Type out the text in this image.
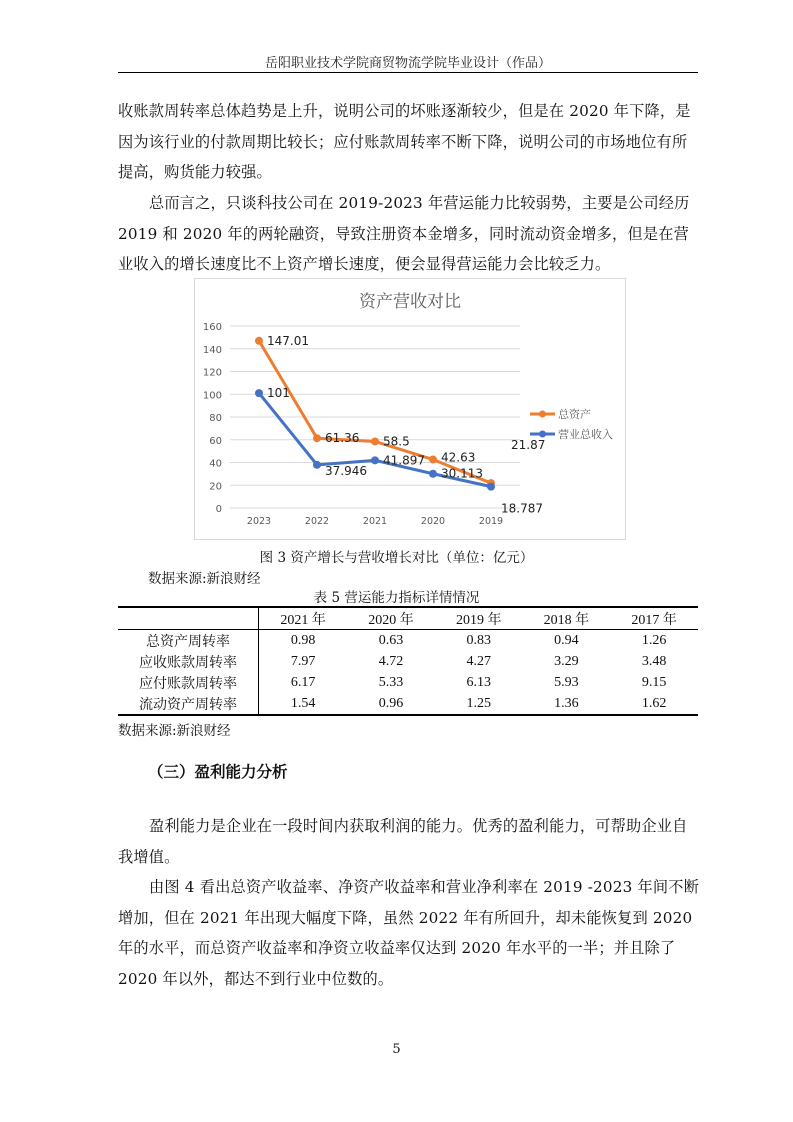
岳阳职业技术学院商贸物流学院毕业设计（作品）

收账款周转率总体趋势是上升，说明公司的坏账逐渐较少，但是在 2020 年下降，是因为该行业的付款周期比较长；应付账款周转率不断下降，说明公司的市场地位有所提高，购货能力较强。

总而言之，只谈科技公司在 2019-2023 年营运能力比较弱势，主要是公司经历 2019 和 2020 年的两轮融资，导致注册资本金增多，同时流动资金增多，但是在营业收入的增长速度比不上资产增长速度，便会显得营运能力会比较乏力。

资产营收对比
0
20
40
60
80
100
120
140
160
2023	2022	2021	2020	2019
147.01
61.36 58.5
42.63
21.87
101
37.946
41.897
30.113
18.787
总资产
营业总收入
图 3 资产增长与营收增长对比（单位：亿元）
数据来源:新浪财经
表 5 营运能力指标详情情况
	2021 年	2020 年	2019 年	2018 年	2017 年
总资产周转率	0.98	0.63	0.83	0.94	1.26
应收账款周转率	7.97	4.72	4.27	3.29	3.48
应付账款周转率	6.17	5.33	6.13	5.93	9.15
流动资产周转率	1.54	0.96	1.25	1.36	1.62
数据来源:新浪财经
（三）盈利能力分析

盈利能力是企业在一段时间内获取利润的能力。优秀的盈利能力，可帮助企业自我增值。

由图 4 看出总资产收益率、净资产收益率和营业净利率在 2019 -2023 年间不断增加，但在 2021 年出现大幅度下降，虽然 2022 年有所回升，却未能恢复到 2020 年的水平，而总资产收益率和净资立收益率仅达到 2020 年水平的一半；并且除了 2020 年以外，都达不到行业中位数的。

5
